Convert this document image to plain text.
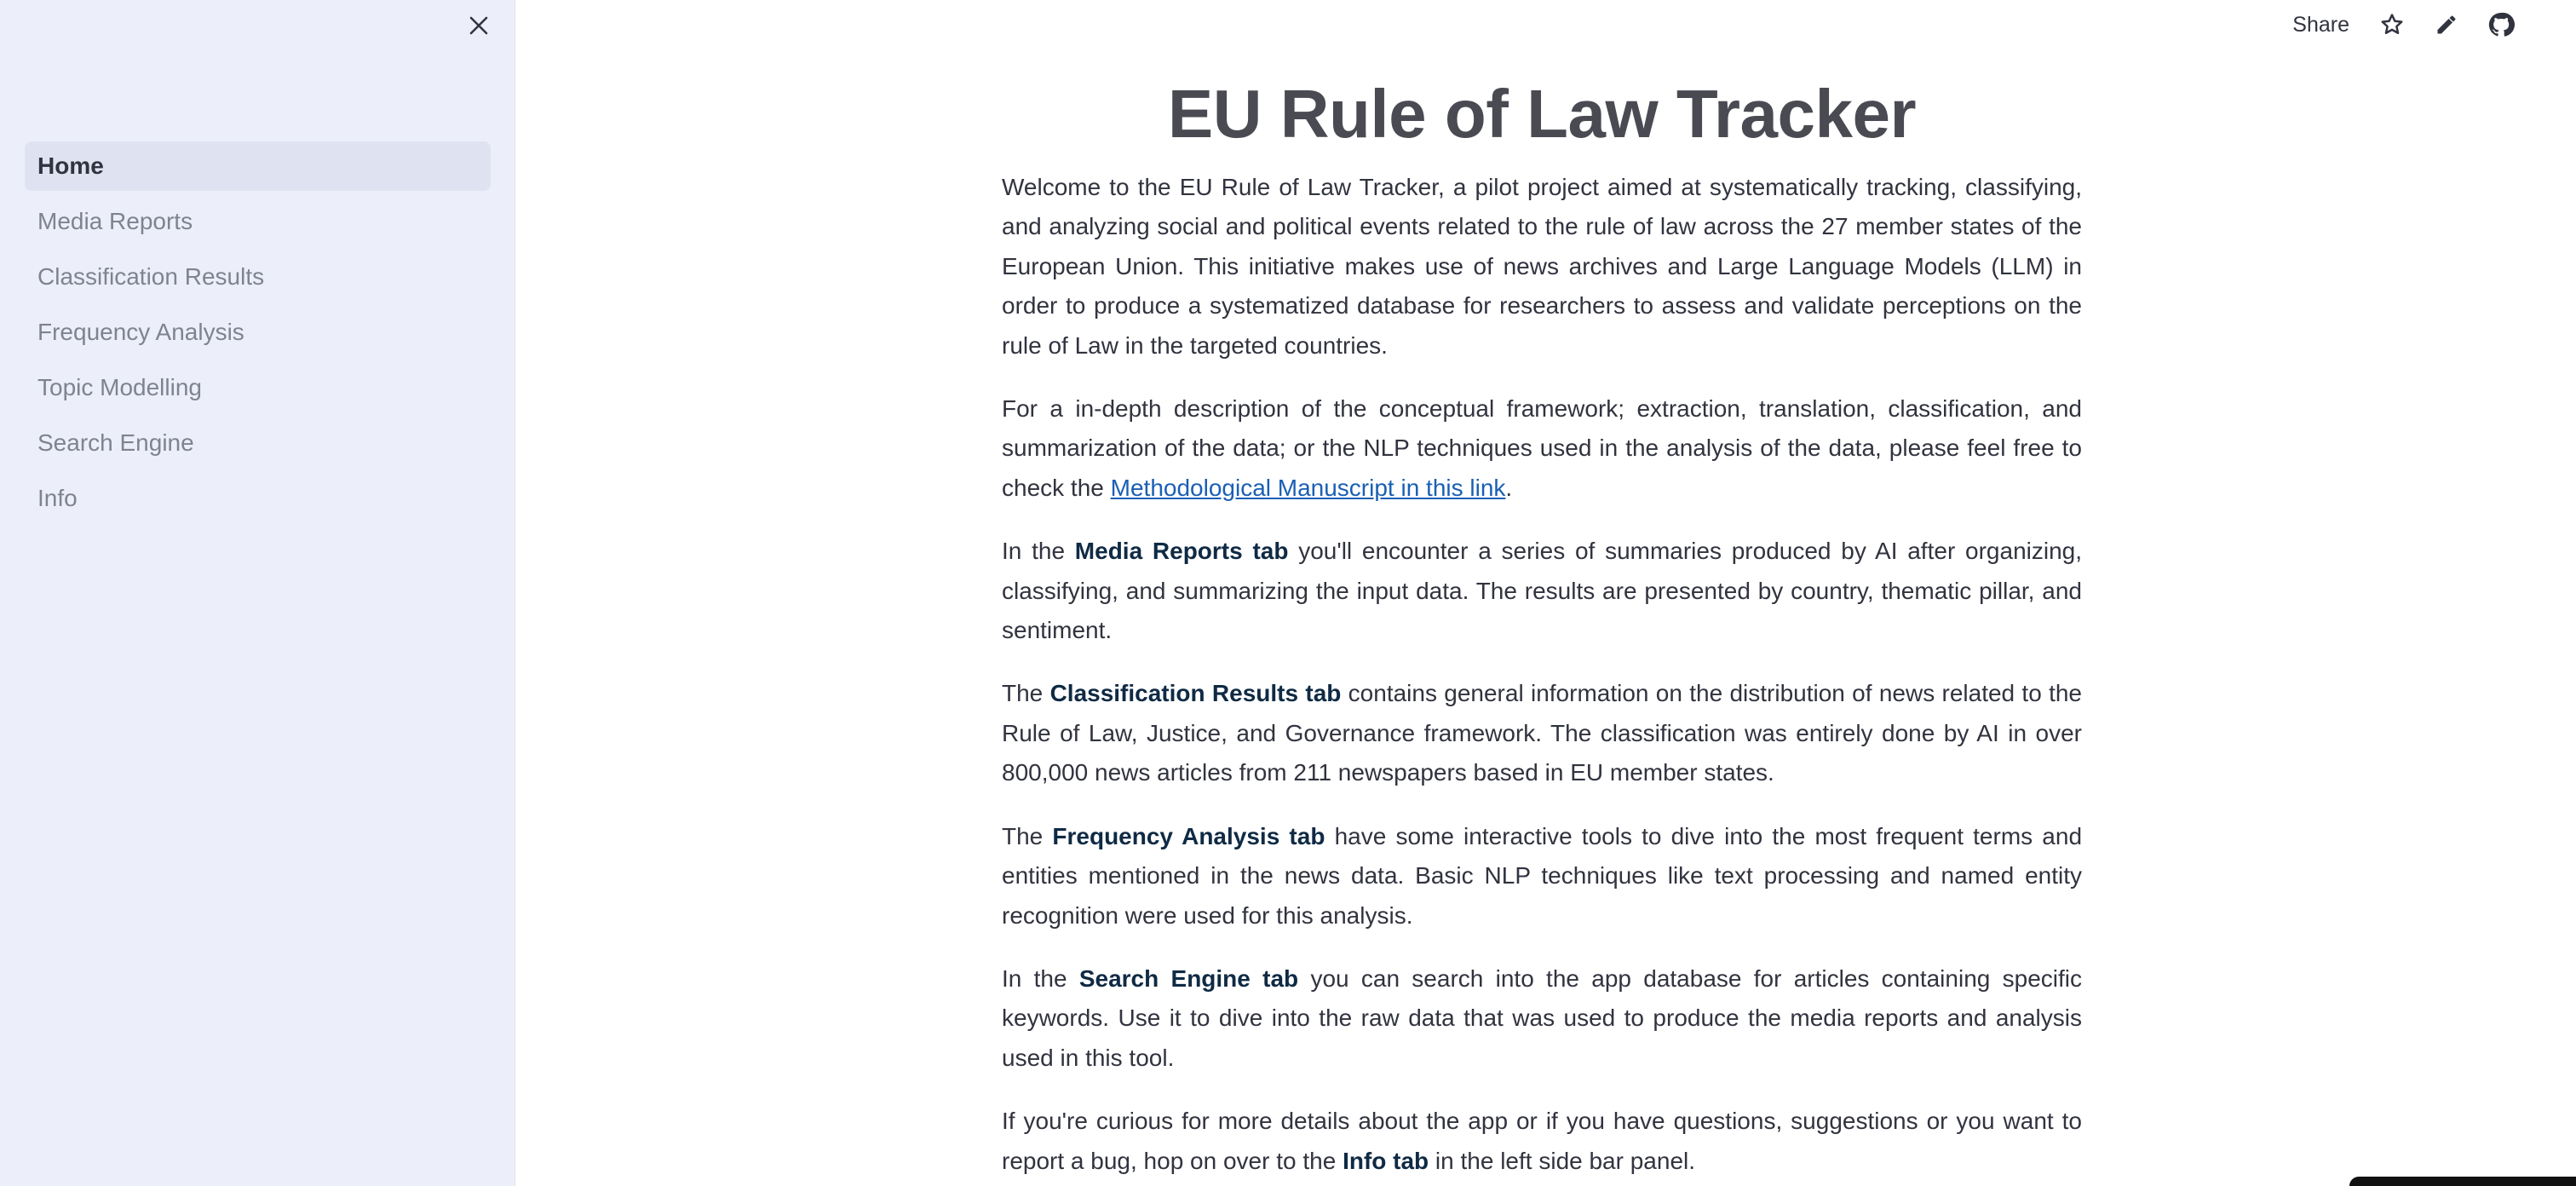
Home
Media Reports
Classification Results
Frequency Analysis
Topic Modelling
Search Engine
Info
Share
EU Rule of Law Tracker

Welcome to the EU Rule of Law Tracker, a pilot project aimed at systematically tracking, classifying, and analyzing social and political events related to the rule of law across the 27 member states of the European Union. This initiative makes use of news archives and Large Language Models (LLM) in order to produce a systematized database for researchers to assess and validate perceptions on the rule of Law in the targeted countries.

For a in-depth description of the conceptual framework; extraction, translation, classification, and summarization of the data; or the NLP techniques used in the analysis of the data, please feel free to check the Methodological Manuscript in this link.

In the Media Reports tab you'll encounter a series of summaries produced by AI after organizing, classifying, and summarizing the input data. The results are presented by country, thematic pillar, and sentiment.

The Classification Results tab contains general information on the distribution of news related to the Rule of Law, Justice, and Governance framework. The classification was entirely done by AI in over 800,000 news articles from 211 newspapers based in EU member states.

The Frequency Analysis tab have some interactive tools to dive into the most frequent terms and entities mentioned in the news data. Basic NLP techniques like text processing and named entity recognition were used for this analysis.

In the Search Engine tab you can search into the app database for articles containing specific keywords. Use it to dive into the raw data that was used to produce the media reports and analysis used in this tool.

If you're curious for more details about the app or if you have questions, suggestions or you want to report a bug, hop on over to the Info tab in the left side bar panel.
